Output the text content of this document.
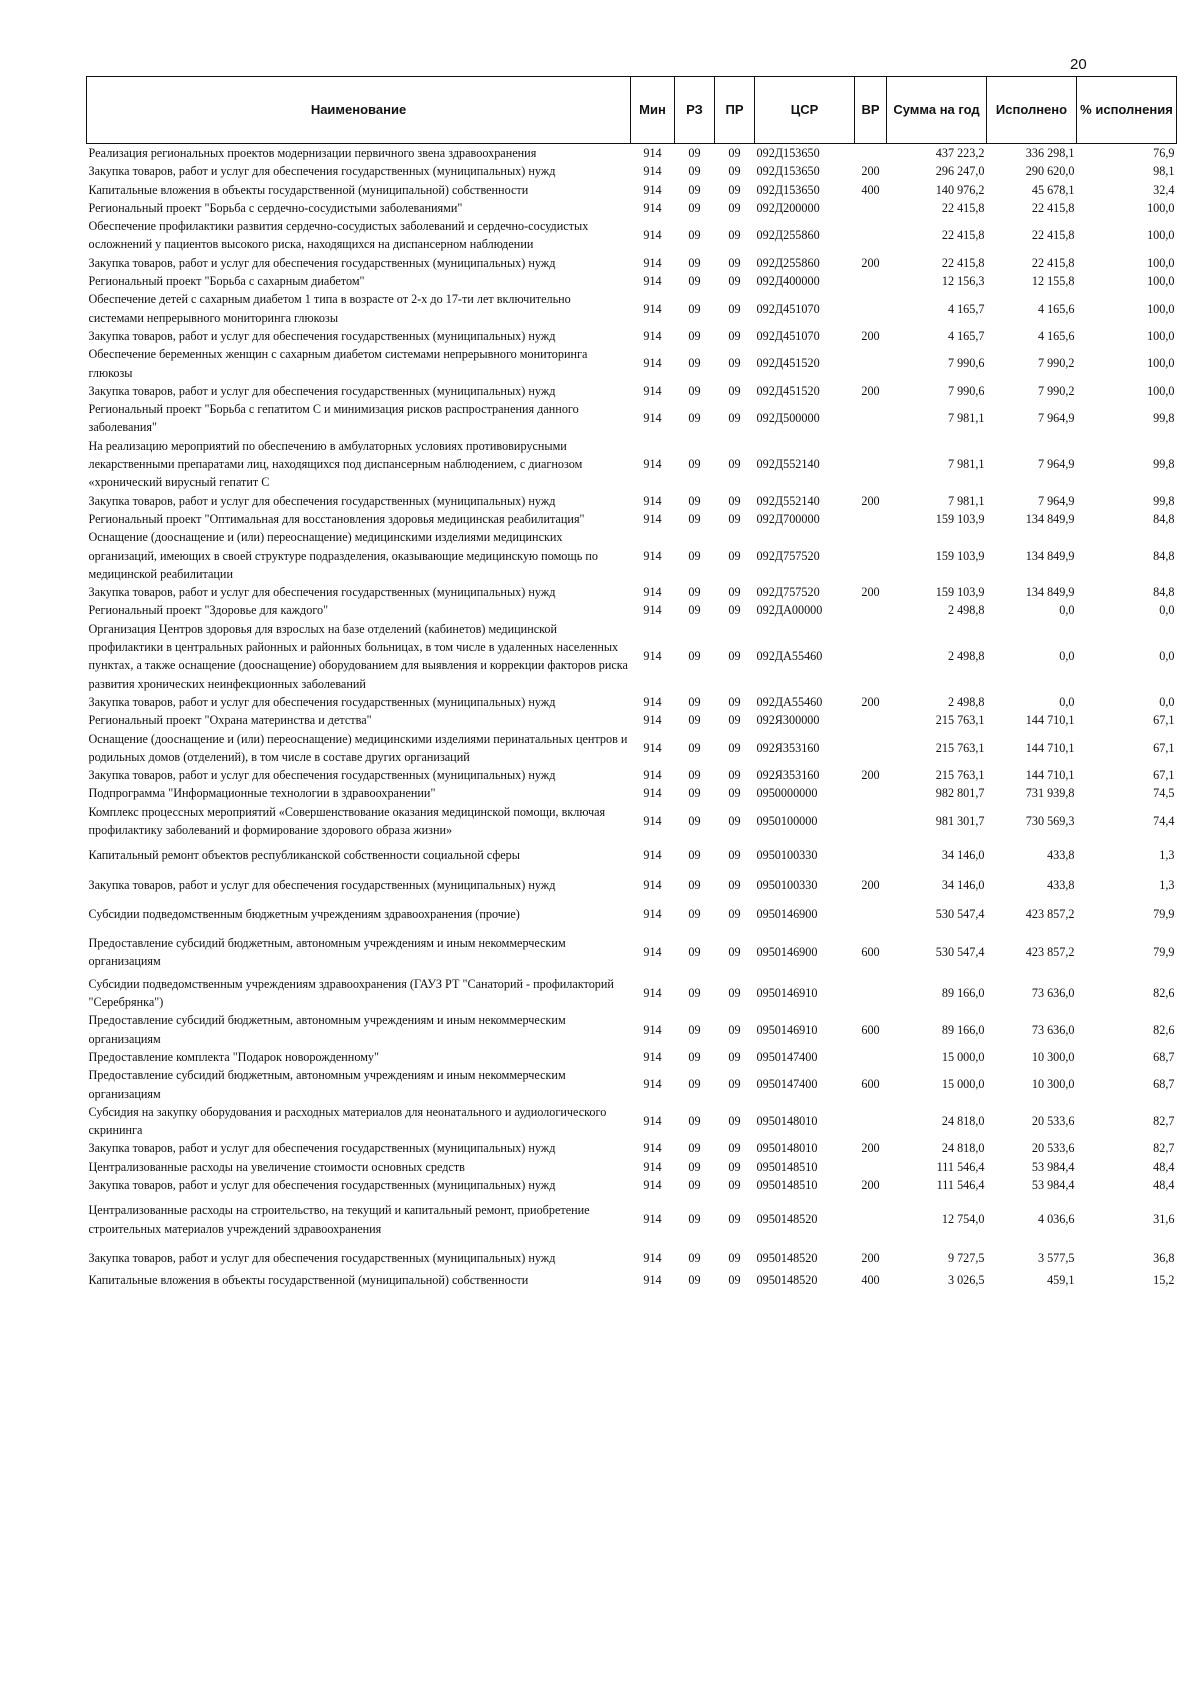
20
Наименование	Мин	РЗ	ПР	ЦСР	ВР	Сумма на год	Исполнено	% исполнения
Реализация региональных проектов модернизации первичного звена здравоохранения	914	09	09	092Д153650		437 223,2	336 298,1	76,9
Закупка товаров, работ и услуг для обеспечения государственных (муниципальных) нужд	914	09	09	092Д153650	200	296 247,0	290 620,0	98,1
Капитальные вложения в объекты государственной (муниципальной) собственности	914	09	09	092Д153650	400	140 976,2	45 678,1	32,4
Региональный проект "Борьба с сердечно-сосудистыми заболеваниями"	914	09	09	092Д200000		22 415,8	22 415,8	100,0
Обеспечение профилактики развития сердечно-сосудистых заболеваний и сердечно-сосудистых осложнений у пациентов высокого риска, находящихся на диспансерном наблюдении	914	09	09	092Д255860		22 415,8	22 415,8	100,0
Закупка товаров, работ и услуг для обеспечения государственных (муниципальных) нужд	914	09	09	092Д255860	200	22 415,8	22 415,8	100,0
Региональный проект "Борьба с сахарным диабетом"	914	09	09	092Д400000		12 156,3	12 155,8	100,0
Обеспечение детей с сахарным диабетом 1 типа в возрасте от 2-х до 17-ти лет включительно системами непрерывного мониторинга глюкозы	914	09	09	092Д451070		4 165,7	4 165,6	100,0
Закупка товаров, работ и услуг для обеспечения государственных (муниципальных) нужд	914	09	09	092Д451070	200	4 165,7	4 165,6	100,0
Обеспечение беременных женщин с сахарным диабетом системами непрерывного мониторинга глюкозы	914	09	09	092Д451520		7 990,6	7 990,2	100,0
Закупка товаров, работ и услуг для обеспечения государственных (муниципальных) нужд	914	09	09	092Д451520	200	7 990,6	7 990,2	100,0
Региональный проект "Борьба с гепатитом С и минимизация рисков распространения данного заболевания"	914	09	09	092Д500000		7 981,1	7 964,9	99,8
На реализацию мероприятий по обеспечению в амбулаторных условиях противовирусными лекарственными препаратами лиц, находящихся под диспансерным наблюдением, с диагнозом «хронический вирусный гепатит С	914	09	09	092Д552140		7 981,1	7 964,9	99,8
Закупка товаров, работ и услуг для обеспечения государственных (муниципальных) нужд	914	09	09	092Д552140	200	7 981,1	7 964,9	99,8
Региональный проект "Оптимальная для восстановления здоровья медицинская реабилитация"	914	09	09	092Д700000		159 103,9	134 849,9	84,8
Оснащение (дооснащение и (или) переоснащение) медицинскими изделиями медицинских организаций, имеющих в своей структуре подразделения, оказывающие медицинскую помощь по медицинской реабилитации	914	09	09	092Д757520		159 103,9	134 849,9	84,8
Закупка товаров, работ и услуг для обеспечения государственных (муниципальных) нужд	914	09	09	092Д757520	200	159 103,9	134 849,9	84,8
Региональный проект "Здоровье для каждого"	914	09	09	092ДА00000		2 498,8	0,0	0,0
Организация Центров здоровья для взрослых на базе отделений (кабинетов) медицинской профилактики в центральных районных и районных больницах, в том числе в удаленных населенных пунктах, а также оснащение (дооснащение) оборудованием для выявления и коррекции факторов риска развития хронических неинфекционных заболеваний	914	09	09	092ДА55460		2 498,8	0,0	0,0
Закупка товаров, работ и услуг для обеспечения государственных (муниципальных) нужд	914	09	09	092ДА55460	200	2 498,8	0,0	0,0
Региональный проект "Охрана материнства и детства"	914	09	09	092Я300000		215 763,1	144 710,1	67,1
Оснащение (дооснащение и (или) переоснащение) медицинскими изделиями перинатальных центров и родильных домов (отделений), в том числе в составе других организаций	914	09	09	092Я353160		215 763,1	144 710,1	67,1
Закупка товаров, работ и услуг для обеспечения государственных (муниципальных) нужд	914	09	09	092Я353160	200	215 763,1	144 710,1	67,1
Подпрограмма "Информационные технологии в здравоохранении"	914	09	09	0950000000		982 801,7	731 939,8	74,5
Комплекс процессных мероприятий «Совершенствование оказания медицинской помощи, включая профилактику заболеваний и формирование здорового образа жизни»	914	09	09	0950100000		981 301,7	730 569,3	74,4
Капитальный ремонт объектов республиканской собственности социальной сферы	914	09	09	0950100330		34 146,0	433,8	1,3
Закупка товаров, работ и услуг для обеспечения государственных (муниципальных) нужд	914	09	09	0950100330	200	34 146,0	433,8	1,3
Субсидии подведомственным бюджетным учреждениям здравоохранения (прочие)	914	09	09	0950146900		530 547,4	423 857,2	79,9
Предоставление субсидий бюджетным, автономным учреждениям и иным некоммерческим организациям	914	09	09	0950146900	600	530 547,4	423 857,2	79,9
Субсидии подведомственным учреждениям здравоохранения (ГАУЗ РТ "Санаторий - профилакторий "Серебрянка")	914	09	09	0950146910		89 166,0	73 636,0	82,6
Предоставление субсидий бюджетным, автономным учреждениям и иным некоммерческим организациям	914	09	09	0950146910	600	89 166,0	73 636,0	82,6
Предоставление комплекта "Подарок новорожденному"	914	09	09	0950147400		15 000,0	10 300,0	68,7
Предоставление субсидий бюджетным, автономным учреждениям и иным некоммерческим организациям	914	09	09	0950147400	600	15 000,0	10 300,0	68,7
Субсидия на закупку оборудования и расходных материалов для неонатального и аудиологического скрининга	914	09	09	0950148010		24 818,0	20 533,6	82,7
Закупка товаров, работ и услуг для обеспечения государственных (муниципальных) нужд	914	09	09	0950148010	200	24 818,0	20 533,6	82,7
Централизованные расходы на увеличение стоимости основных средств	914	09	09	0950148510		111 546,4	53 984,4	48,4
Закупка товаров, работ и услуг для обеспечения государственных (муниципальных) нужд	914	09	09	0950148510	200	111 546,4	53 984,4	48,4
Централизованные расходы на строительство, на текущий и капитальный ремонт, приобретение строительных материалов учреждений здравоохранения	914	09	09	0950148520		12 754,0	4 036,6	31,6
Закупка товаров, работ и услуг для обеспечения государственных (муниципальных) нужд	914	09	09	0950148520	200	9 727,5	3 577,5	36,8
Капитальные вложения в объекты государственной (муниципальной) собственности	914	09	09	0950148520	400	3 026,5	459,1	15,2
